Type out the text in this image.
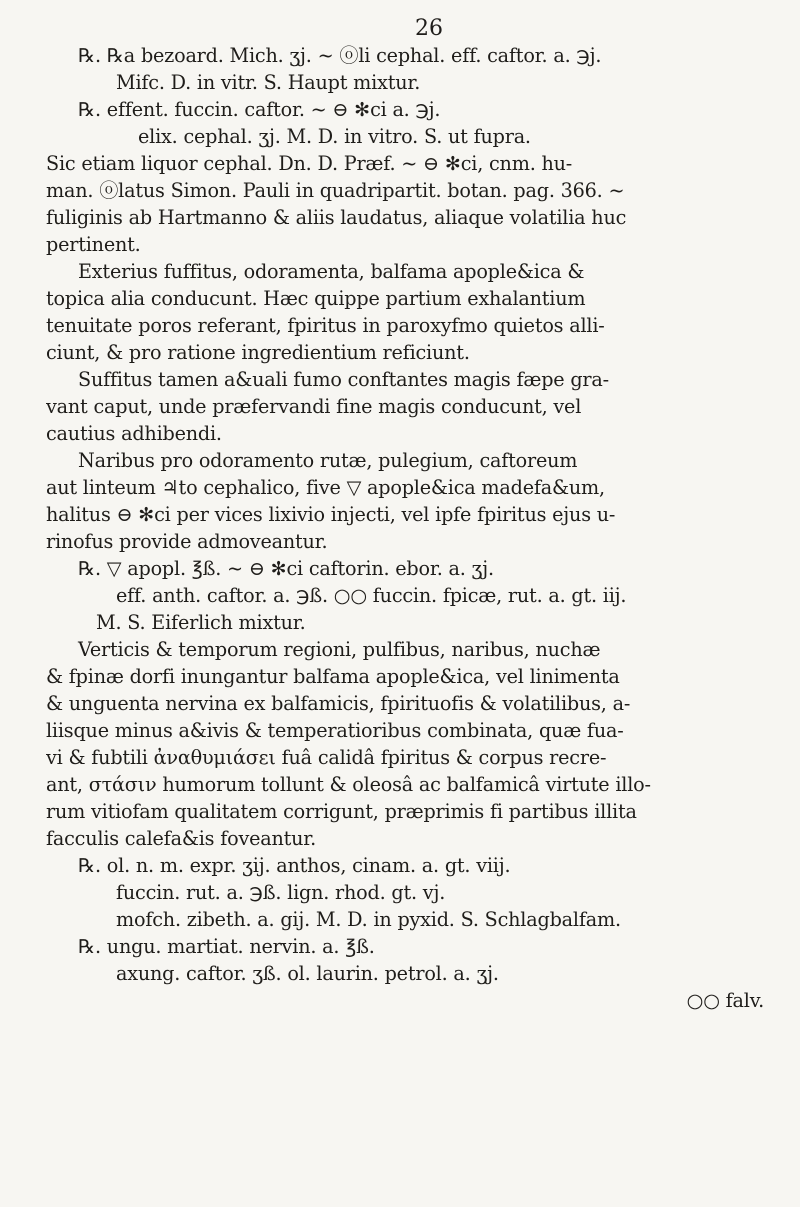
26
℞. ℞a bezoard. Mich. ʒj. ~ ⓞli cephal. eff. caftor. a. ℈j.
Mifc. D. in vitr. S. Haupt mixtur.
℞. effent. fuccin. caftor. ~ ⊖ ✻ci a. ℈j.
elix. cephal. ʒj. M. D. in vitro. S. ut fupra.
Sic etiam liquor cephal. Dn. D. Præf. ~ ⊖ ✻ci, cnm. hu-
man. ⓞlatus Simon. Pauli in quadripartit. botan. pag. 366. ~
fuliginis ab Hartmanno & aliis laudatus, aliaque volatilia huc
pertinent.
Exterius fuffitus, odoramenta, balfama apople&ica &
topica alia conducunt. Hæc quippe partium exhalantium
tenuitate poros referant, fpiritus in paroxyfmo quietos alli-
ciunt, & pro ratione ingredientium reficiunt.
Suffitus tamen a&uali fumo conftantes magis fæpe gra-
vant caput, unde præfervandi fine magis conducunt, vel
cautius adhibendi.
Naribus pro odoramento rutæ, pulegium, caftoreum
aut linteum ♃to cephalico, five ▽ apople&ica madefa&um,
halitus ⊖ ✻ci per vices lixivio injecti, vel ipfe fpiritus ejus u-
rinofus provide admoveantur.
℞. ▽ apopl. ℥ß. ~ ⊖ ✻ci caftorin. ebor. a. ʒj.
eff. anth. caftor. a. ℈ß. ○○ fuccin. fpicæ, rut. a. gt. iij.
M. S. Eiferlich mixtur.
Verticis & temporum regioni, pulfibus, naribus, nuchæ
& fpinæ dorfi inungantur balfama apople&ica, vel linimenta
& unguenta nervina ex balfamicis, fpirituofis & volatilibus, a-
liisque minus a&ivis & temperatioribus combinata, quæ fua-
vi & fubtili ἀναθυμιάσει fuâ calidâ fpiritus & corpus recre-
ant, στάσιν humorum tollunt & oleosâ ac balfamicâ virtute illo-
rum vitiofam qualitatem corrigunt, præprimis fi partibus illita
facculis calefa&is foveantur.
℞. ol. n. m. expr. ʒij. anthos, cinam. a. gt. viij.
fuccin. rut. a. ℈ß. lign. rhod. gt. vj.
mofch. zibeth. a. gij. M. D. in pyxid. S. Schlagbalfam.
℞. ungu. martiat. nervin. a. ℥ß.
axung. caftor. ʒß. ol. laurin. petrol. a. ʒj.
○○ falv.
